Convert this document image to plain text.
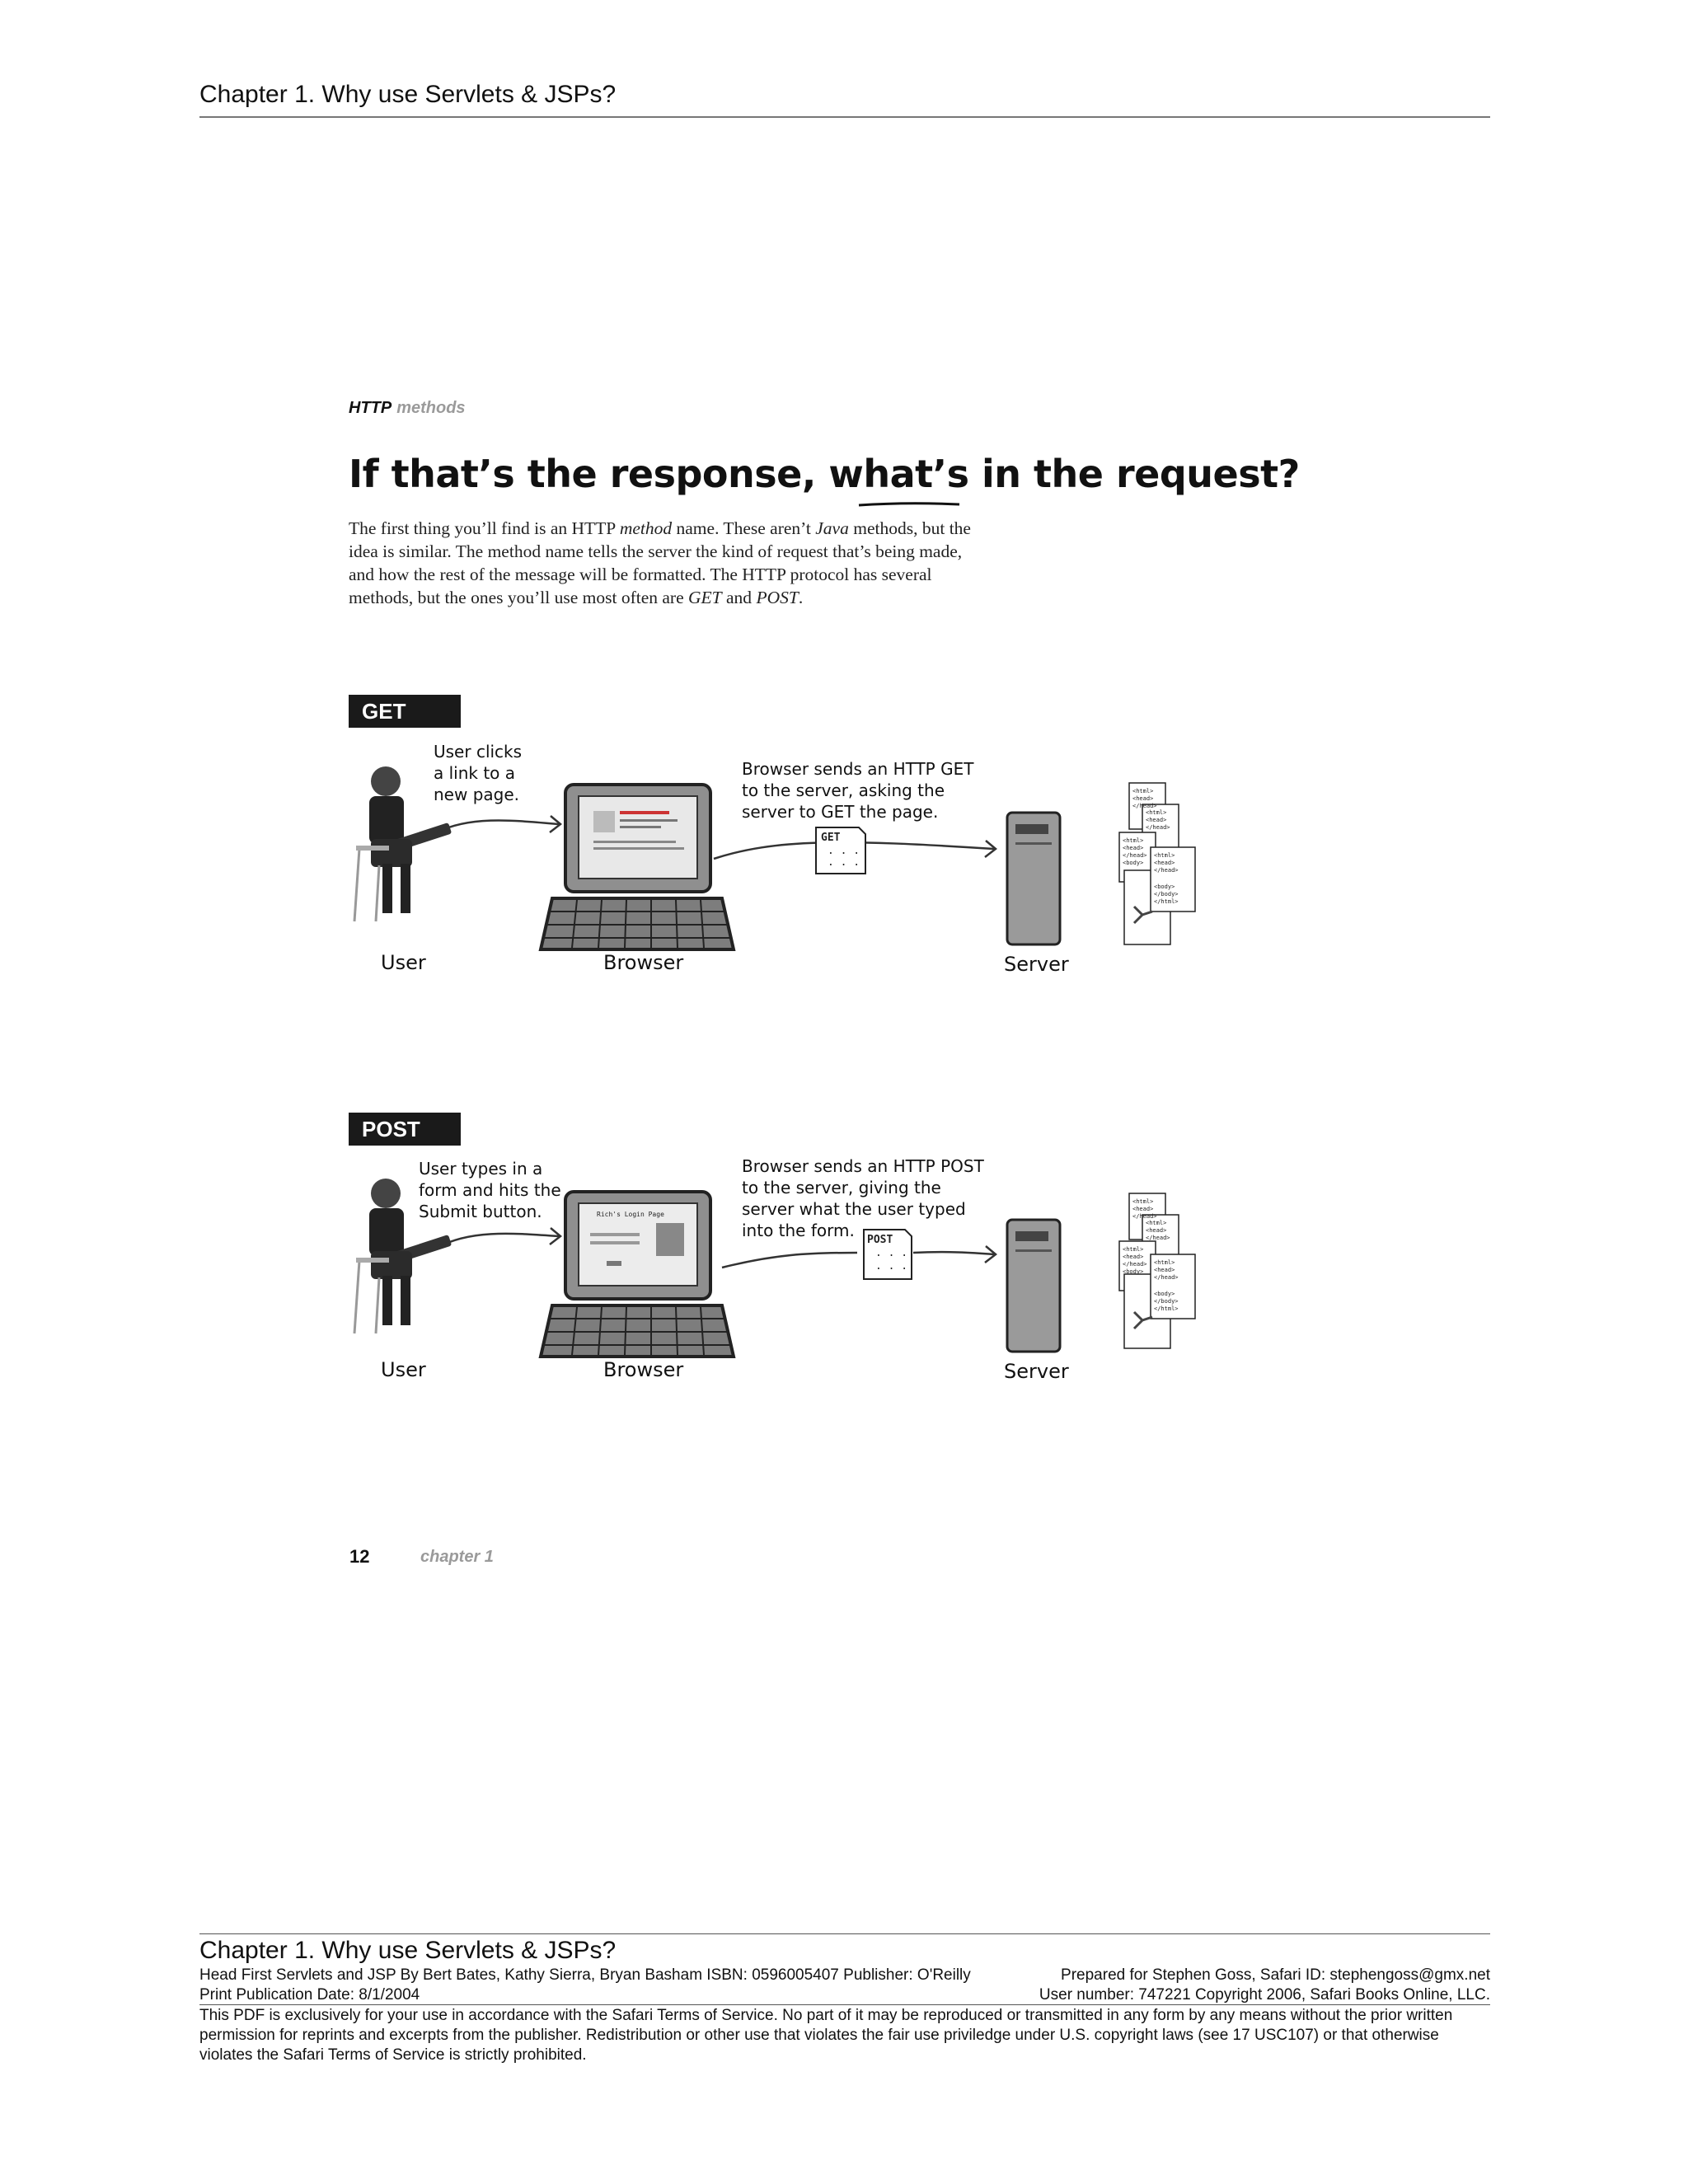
Chapter 1. Why use Servlets & JSPs?
HTTP methods
If that’s the response, what’s in the request?
The first thing you’ll find is an HTTP method name. These aren’t Java methods, but the idea is similar. The method name tells the server the kind of request that’s being made, and how the rest of the message will be formatted. The HTTP protocol has several methods, but the ones you’ll use most often are GET and POST.
GET
User clicks
a link to a
new page.
Browser sends an HTTP GET
to the server, asking the
server to GET the page.
GET
. . .
. . .
<html>
<head>
</head>
<html>
<head>
</head>
<html>
<head>
</head>
<body>
<html>
<head>
</head>
<body>
</body>
</html>
User	Browser	Server
POST
User types in a
form and hits the
Submit button.
Browser sends an HTTP POST
to the server, giving the
server what the user typed
into the form.
Rich's Login Page
POST
. . .
. . .
<html>
<head>
</head>
<html>
<head>
</head>
<html>
<head>
</head>
<body>
<html>
<head>
</head>
<body>
</body>
</html>
User	Browser	Server
12	chapter 1
Chapter 1. Why use Servlets & JSPs?
Head First Servlets and JSP By Bert Bates, Kathy Sierra, Bryan Basham ISBN: 0596005407 Publisher: O'Reilly	Prepared for Stephen Goss, Safari ID: stephengoss@gmx.net
Print Publication Date: 8/1/2004	User number: 747221 Copyright 2006, Safari Books Online, LLC.
This PDF is exclusively for your use in accordance with the Safari Terms of Service. No part of it may be reproduced or transmitted in any form by any means without the prior written permission for reprints and excerpts from the publisher. Redistribution or other use that violates the fair use priviledge under U.S. copyright laws (see 17 USC107) or that otherwise violates the Safari Terms of Service is strictly prohibited.
